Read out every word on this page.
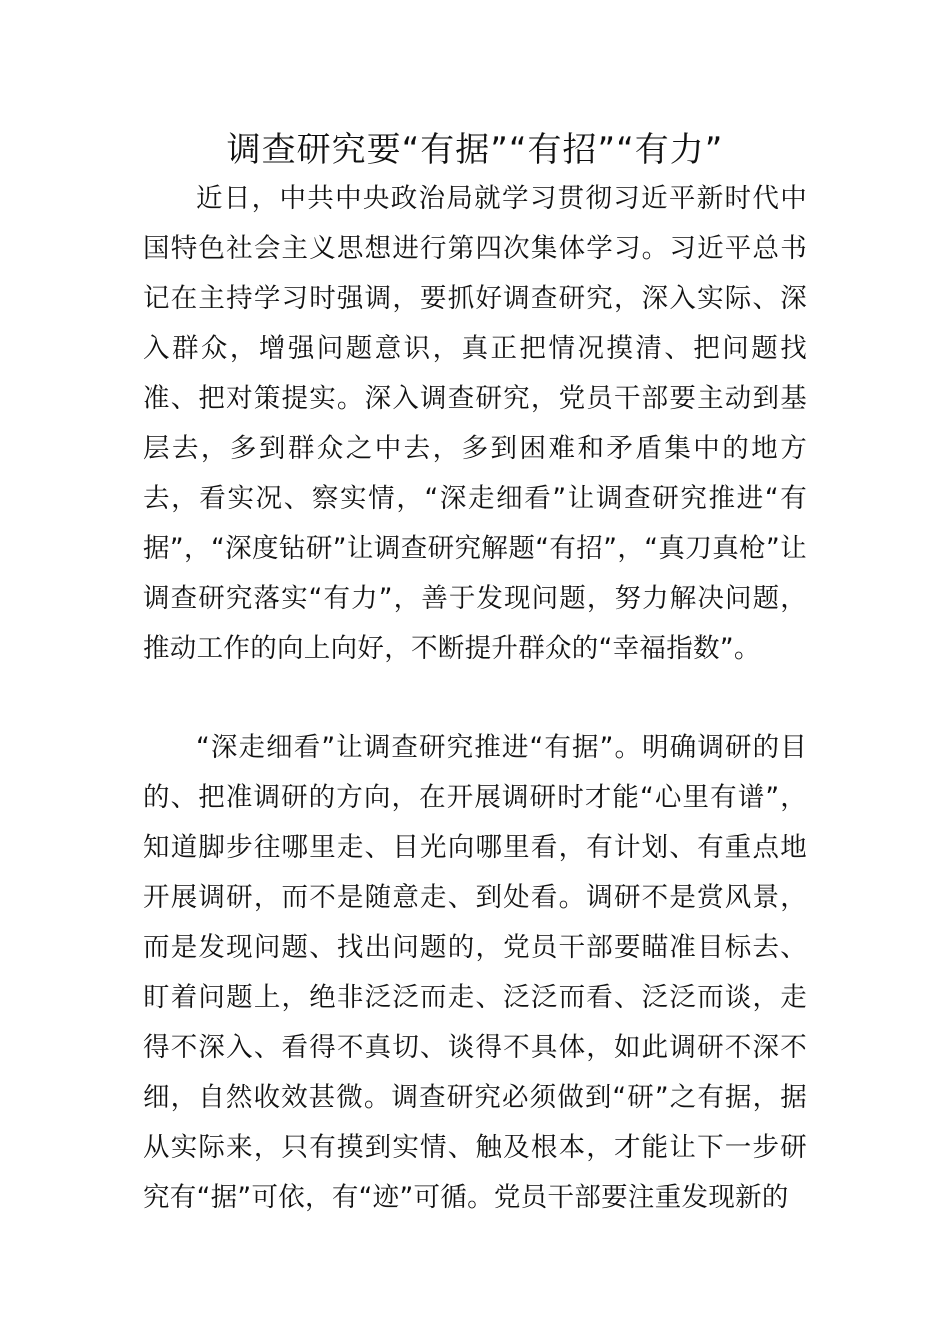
调查研究要“有据”“有招”“有力”

近日，中共中央政治局就学习贯彻习近平新时代中国特色社会主义思想进行第四次集体学习。习近平总书记在主持学习时强调，要抓好调查研究，深入实际、深入群众，增强问题意识，真正把情况摸清、把问题找准、把对策提实。深入调查研究，党员干部要主动到基层去，多到群众之中去，多到困难和矛盾集中的地方去，看实况、察实情，“深走细看”让调查研究推进“有据”，“深度钻研”让调查研究解题“有招”，“真刀真枪”让调查研究落实“有力”，善于发现问题，努力解决问题，推动工作的向上向好，不断提升群众的“幸福指数”。

“深走细看”让调查研究推进“有据”。明确调研的目的、把准调研的方向，在开展调研时才能“心里有谱”，知道脚步往哪里走、目光向哪里看，有计划、有重点地开展调研，而不是随意走、到处看。调研不是赏风景，而是发现问题、找出问题的，党员干部要瞄准目标去、盯着问题上，绝非泛泛而走、泛泛而看、泛泛而谈，走得不深入、看得不真切、谈得不具体，如此调研不深不细，自然收效甚微。调查研究必须做到“研”之有据，据从实际来，只有摸到实情、触及根本，才能让下一步研究有“据”可依，有“迹”可循。党员干部要注重发现新的
